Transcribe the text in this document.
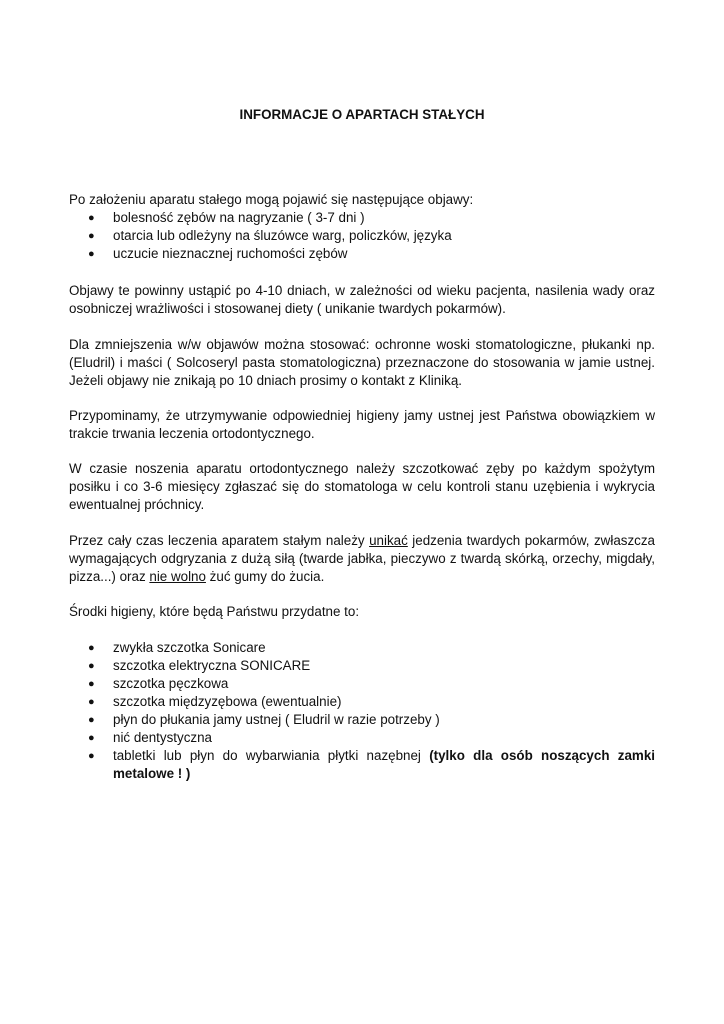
INFORMACJE O APARTACH STAŁYCH

Po założeniu aparatu stałego mogą pojawić się następujące objawy:

● bolesność zębów na nagryzanie ( 3-7 dni )
● otarcia lub odleżyny na śluzówce warg, policzków, języka
● uczucie nieznacznej ruchomości zębów

Objawy te powinny ustąpić po 4-10 dniach, w zależności od wieku pacjenta, nasilenia wady oraz osobniczej wrażliwości i stosowanej diety ( unikanie twardych pokarmów).

Dla zmniejszenia w/w objawów można stosować: ochronne woski stomatologiczne, płukanki np. (Eludril) i maści ( Solcoseryl pasta stomatologiczna) przeznaczone do stosowania w jamie ustnej. Jeżeli objawy nie znikają po 10 dniach prosimy o kontakt z Kliniką.

Przypominamy, że utrzymywanie odpowiedniej higieny jamy ustnej jest Państwa obowiązkiem w trakcie trwania leczenia ortodontycznego.

W czasie noszenia aparatu ortodontycznego należy szczotkować zęby po każdym spożytym posiłku i co 3-6 miesięcy zgłaszać się do stomatologa w celu kontroli stanu uzębienia i wykrycia ewentualnej próchnicy.

Przez cały czas leczenia aparatem stałym należy unikać jedzenia twardych pokarmów, zwłaszcza wymagających odgryzania z dużą siłą (twarde jabłka, pieczywo z twardą skórką, orzechy, migdały, pizza...) oraz nie wolno żuć gumy do żucia.

Środki higieny, które będą Państwu przydatne to:

● zwykła szczotka Sonicare
● szczotka elektryczna SONICARE
● szczotka pęczkowa
● szczotka międzyzębowa (ewentualnie)
● płyn do płukania jamy ustnej ( Eludril w razie potrzeby )
● nić dentystyczna
● tabletki lub płyn do wybarwiania płytki nazębnej (tylko dla osób noszących zamki metalowe ! )
